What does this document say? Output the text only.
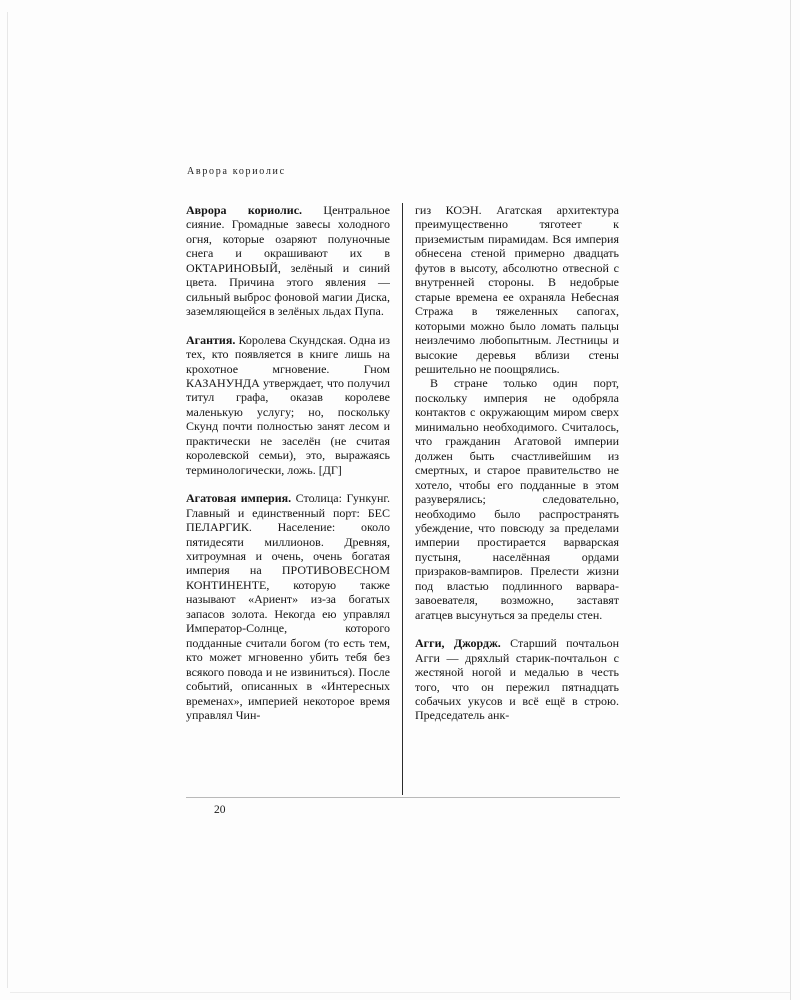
Аврора кориолис

Аврора кориолис. Центральное сияние. Громадные завесы холодного огня, которые озаряют полуночные снега и окрашивают их в ОКТАРИНОВЫЙ, зелёный и синий цвета. Причина этого явления — сильный выброс фоновой магии Диска, заземляющейся в зелёных льдах Пупа.

Агантия. Королева Скундская. Одна из тех, кто появляется в книге лишь на крохотное мгновение. Гном КАЗАНУНДА утверждает, что получил титул графа, оказав королеве маленькую услугу; но, поскольку Скунд почти полностью занят лесом и практически не заселён (не считая королевской семьи), это, выражаясь терминологически, ложь. [ДГ]

Агатовая империя. Столица: Гункунг. Главный и единственный порт: БЕС ПЕЛАРГИК. Население: около пятидесяти миллионов. Древняя, хитроумная и очень, очень богатая империя на ПРОТИВОВЕСНОМ КОНТИНЕНТЕ, которую также называют «Ариент» из-за богатых запасов золота. Некогда ею управлял Император-Солнце, которого подданные считали богом (то есть тем, кто может мгновенно убить тебя без всякого повода и не извиниться). После событий, описанных в «Интересных временах», империей некоторое время управлял Чин-

гиз КОЭН. Агатская архитектура преимущественно тяготеет к приземистым пирамидам. Вся империя обнесена стеной примерно двадцать футов в высоту, абсолютно отвесной с внутренней стороны. В недобрые старые времена ее охраняла Небесная Стража в тяжеленных сапогах, которыми можно было ломать пальцы неизлечимо любопытным. Лестницы и высокие деревья вблизи стены решительно не поощрялись.

В стране только один порт, поскольку империя не одобряла контактов с окружающим миром сверх минимально необходимого. Считалось, что гражданин Агатовой империи должен быть счастливейшим из смертных, и старое правительство не хотело, чтобы его подданные в этом разуверялись; следовательно, необходимо было распространять убеждение, что повсюду за пределами империи простирается варварская пустыня, населённая ордами призраков-вампиров. Прелести жизни под властью подлинного варвара-завоевателя, возможно, заставят агатцев высунуться за пределы стен.

Агги, Джордж. Старший почтальон Агги — дряхлый старик-почтальон с жестяной ногой и медалью в честь того, что он пережил пятнадцать собачьих укусов и всё ещё в строю. Председатель анк-

20
